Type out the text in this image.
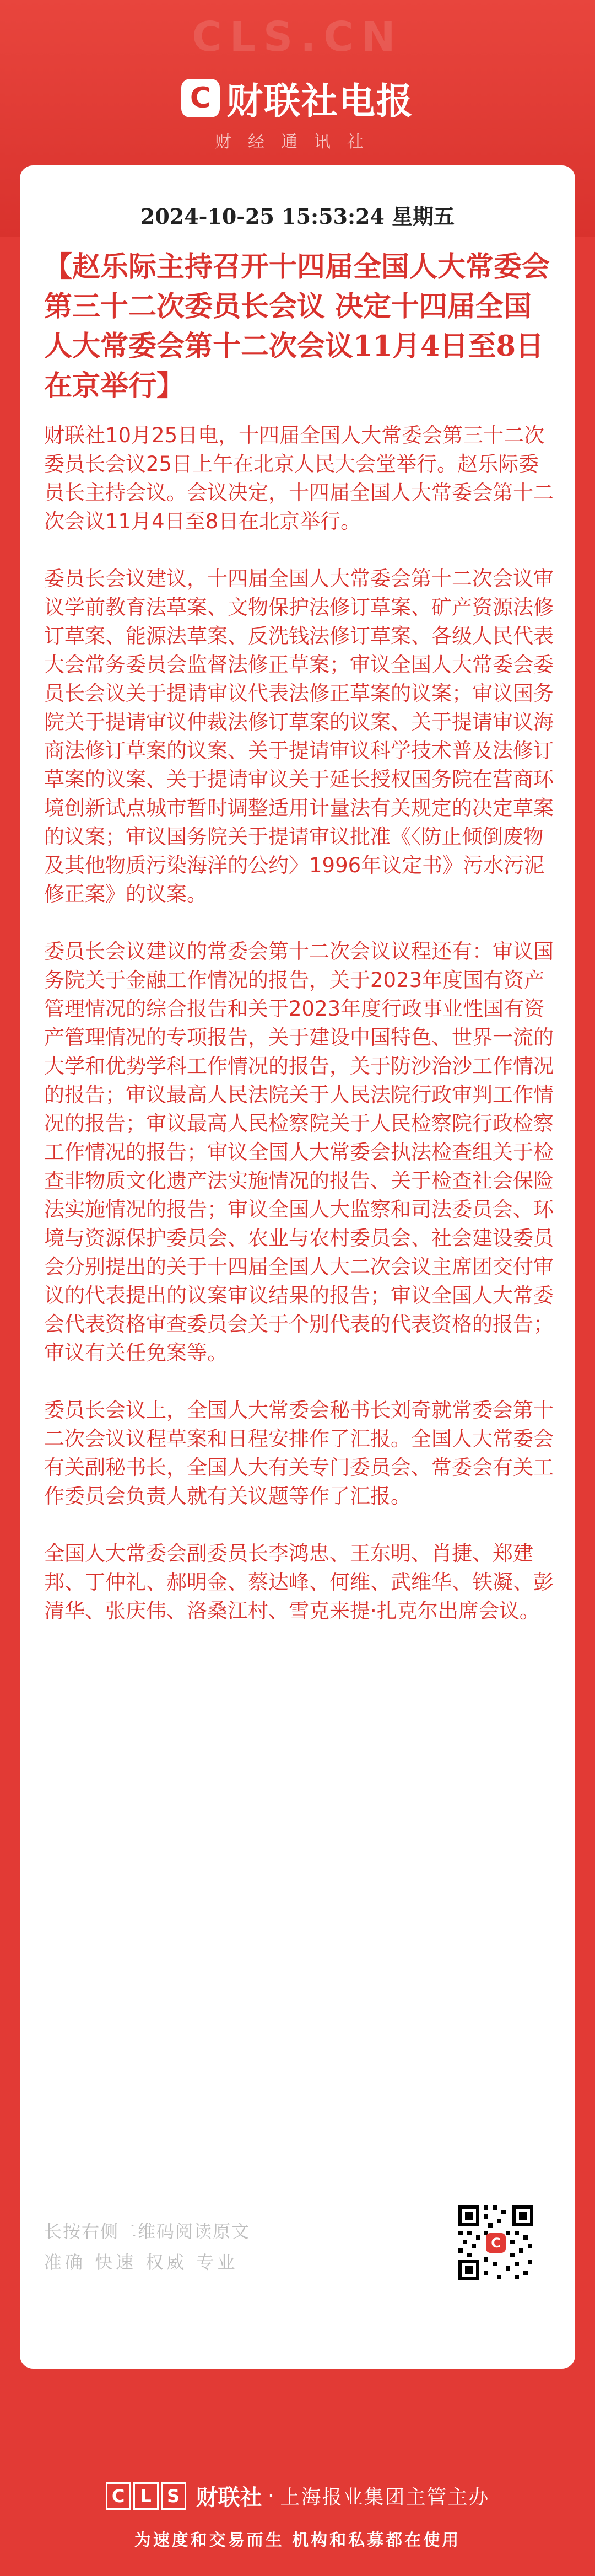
CLS.CN
C 财联社电报
财经通讯社
2024-10-25 15:53:24 星期五
【赵乐际主持召开十四届全国人大常委会第三十二次委员长会议 决定十四届全国人大常委会第十二次会议11月4日至8日在京举行】

财联社10月25日电，十四届全国人大常委会第三十二次委员长会议25日上午在北京人民大会堂举行。赵乐际委员长主持会议。会议决定，十四届全国人大常委会第十二次会议11月4日至8日在北京举行。

委员长会议建议，十四届全国人大常委会第十二次会议审议学前教育法草案、文物保护法修订草案、矿产资源法修订草案、能源法草案、反洗钱法修订草案、各级人民代表大会常务委员会监督法修正草案；审议全国人大常委会委员长会议关于提请审议代表法修正草案的议案；审议国务院关于提请审议仲裁法修订草案的议案、关于提请审议海商法修订草案的议案、关于提请审议科学技术普及法修订草案的议案、关于提请审议关于延长授权国务院在营商环境创新试点城市暂时调整适用计量法有关规定的决定草案的议案；审议国务院关于提请审议批准《〈防止倾倒废物及其他物质污染海洋的公约〉1996年议定书》污水污泥修正案》的议案。

委员长会议建议的常委会第十二次会议议程还有：审议国务院关于金融工作情况的报告，关于2023年度国有资产管理情况的综合报告和关于2023年度行政事业性国有资产管理情况的专项报告，关于建设中国特色、世界一流的大学和优势学科工作情况的报告，关于防沙治沙工作情况的报告；审议最高人民法院关于人民法院行政审判工作情况的报告；审议最高人民检察院关于人民检察院行政检察工作情况的报告；审议全国人大常委会执法检查组关于检查非物质文化遗产法实施情况的报告、关于检查社会保险法实施情况的报告；审议全国人大监察和司法委员会、环境与资源保护委员会、农业与农村委员会、社会建设委员会分别提出的关于十四届全国人大二次会议主席团交付审议的代表提出的议案审议结果的报告；审议全国人大常委会代表资格审查委员会关于个别代表的代表资格的报告；审议有关任免案等。

委员长会议上，全国人大常委会秘书长刘奇就常委会第十二次会议议程草案和日程安排作了汇报。全国人大常委会有关副秘书长，全国人大有关专门委员会、常委会有关工作委员会负责人就有关议题等作了汇报。

全国人大常委会副委员长李鸿忠、王东明、肖捷、郑建邦、丁仲礼、郝明金、蔡达峰、何维、武维华、铁凝、彭清华、张庆伟、洛桑江村、雪克来提·扎克尔出席会议。

长按右侧二维码阅读原文
准确 快速 权威 专业
C
C L S 财联社 · 上海报业集团主管主办
为速度和交易而生 机构和私募都在使用
